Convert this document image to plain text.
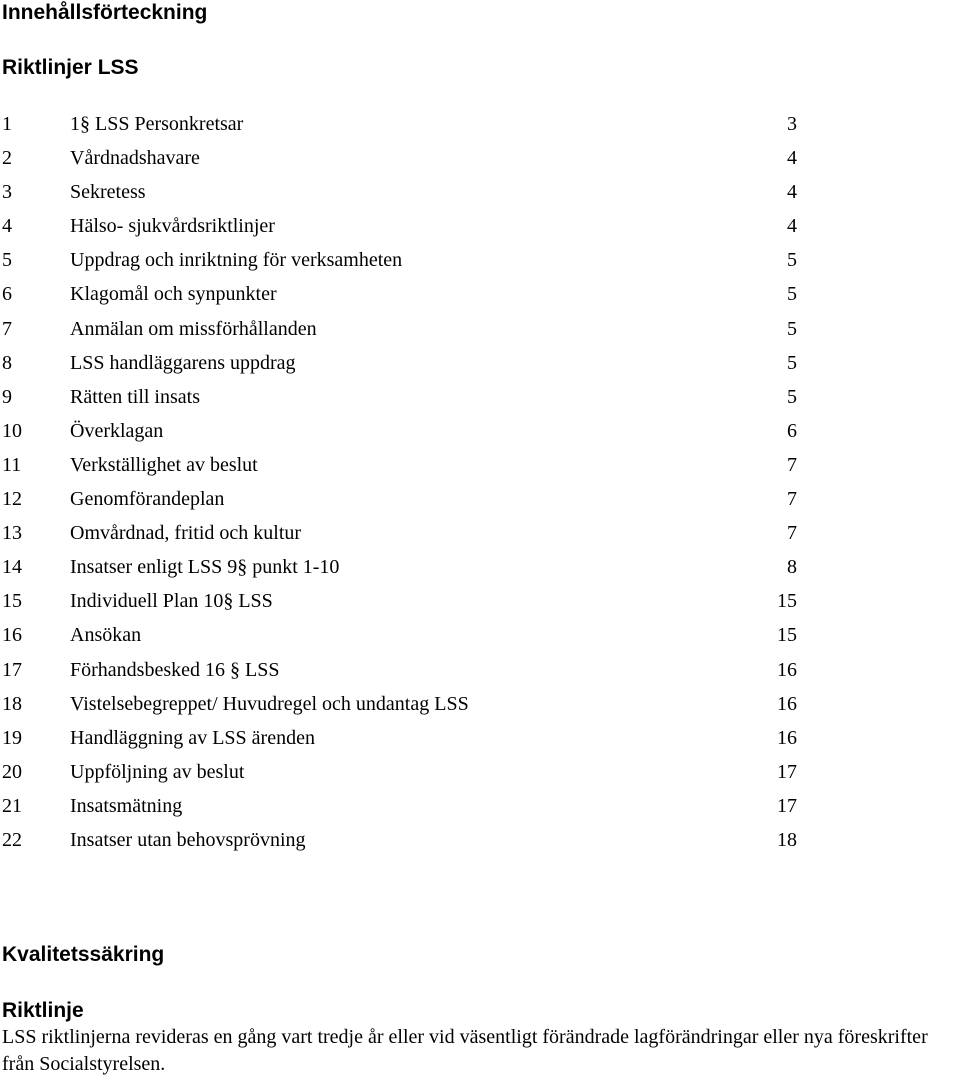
Innehållsförteckning
Riktlinjer LSS
1	1§ LSS Personkretsar	3
2	Vårdnadshavare	4
3	Sekretess	4
4	Hälso- sjukvårdsriktlinjer	4
5	Uppdrag och inriktning för verksamheten	5
6	Klagomål och synpunkter	5
7	Anmälan om missförhållanden	5
8	LSS handläggarens uppdrag	5
9	Rätten till insats	5
10 Överklagan	6
11 Verkställighet av beslut	7
12 Genomförandeplan	7
13 Omvårdnad, fritid och kultur	7
14 Insatser enligt LSS 9§ punkt 1-10	8
15 Individuell Plan 10§ LSS	15
16 Ansökan	15
17 Förhandsbesked 16 § LSS	16
18 Vistelsebegreppet/ Huvudregel och undantag LSS	16
19 Handläggning av LSS ärenden	16
20 Uppföljning av beslut	17
21 Insatsmätning	17
22 Insatser utan behovsprövning	18
Kvalitetssäkring
Riktlinje
LSS riktlinjerna revideras en gång vart tredje år eller vid väsentligt förändrade lagförändringar eller nya föreskrifter från Socialstyrelsen.
